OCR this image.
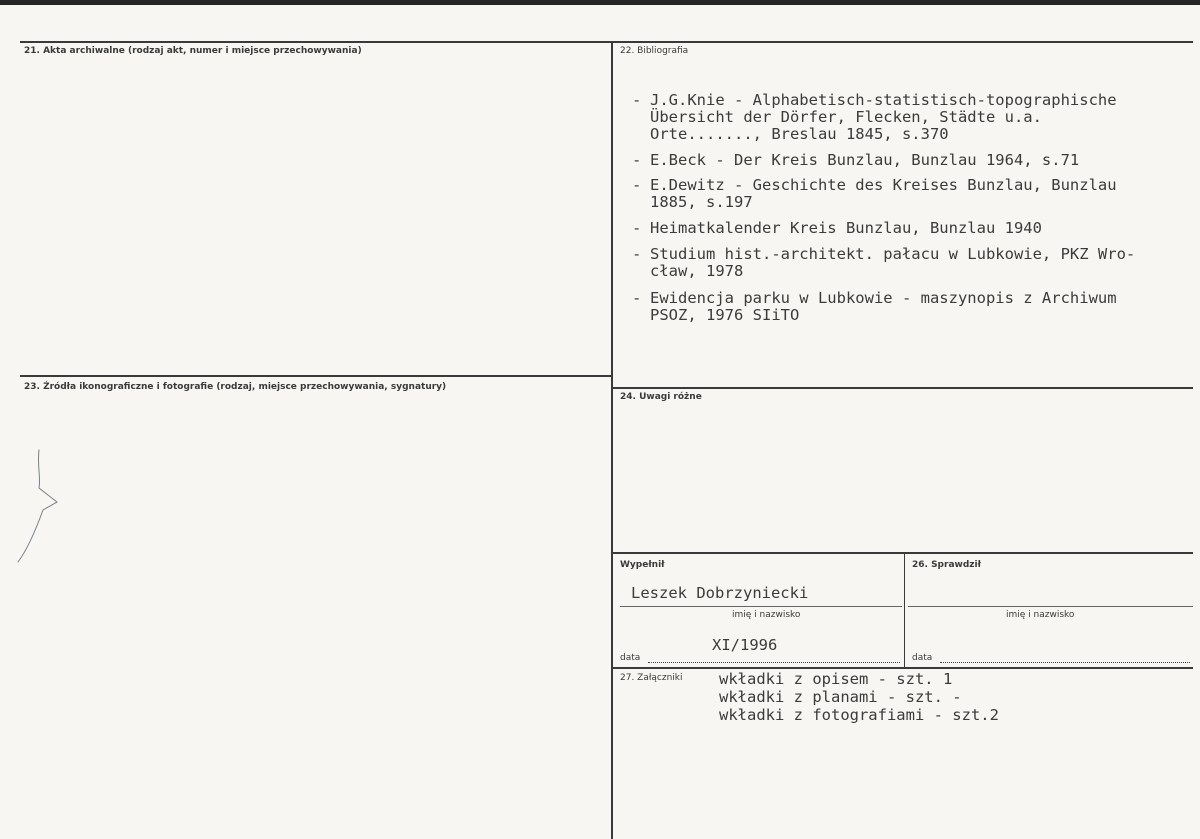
21. Akta archiwalne (rodzaj akt, numer i miejsce przechowywania)	22. Bibliografia
- J.G.Knie - Alphabetisch-statistisch-topographische
Übersicht der Dörfer, Flecken, Städte u.a.
Orte......., Breslau 1845, s.370
- E.Beck - Der Kreis Bunzlau, Bunzlau 1964, s.71
- E.Dewitz - Geschichte des Kreises Bunzlau, Bunzlau
1885, s.197
- Heimatkalender Kreis Bunzlau, Bunzlau 1940
- Studium hist.-architekt. pałacu w Lubkowie, PKZ Wro-
cław, 1978
- Ewidencja parku w Lubkowie - maszynopis z Archiwum
PSOZ, 1976 SIiTO
23. Źródła ikonograficzne i fotografie (rodzaj, miejsce przechowywania, sygnatury)
24. Uwagi różne
Wypełnił
Leszek Dobrzyniecki
imię i nazwisko
XI/1996
data
26. Sprawdził
imię i nazwisko
data
27. Załączniki wkładki z opisem - szt. 1
wkładki z planami - szt. -
wkładki z fotografiami - szt.2
